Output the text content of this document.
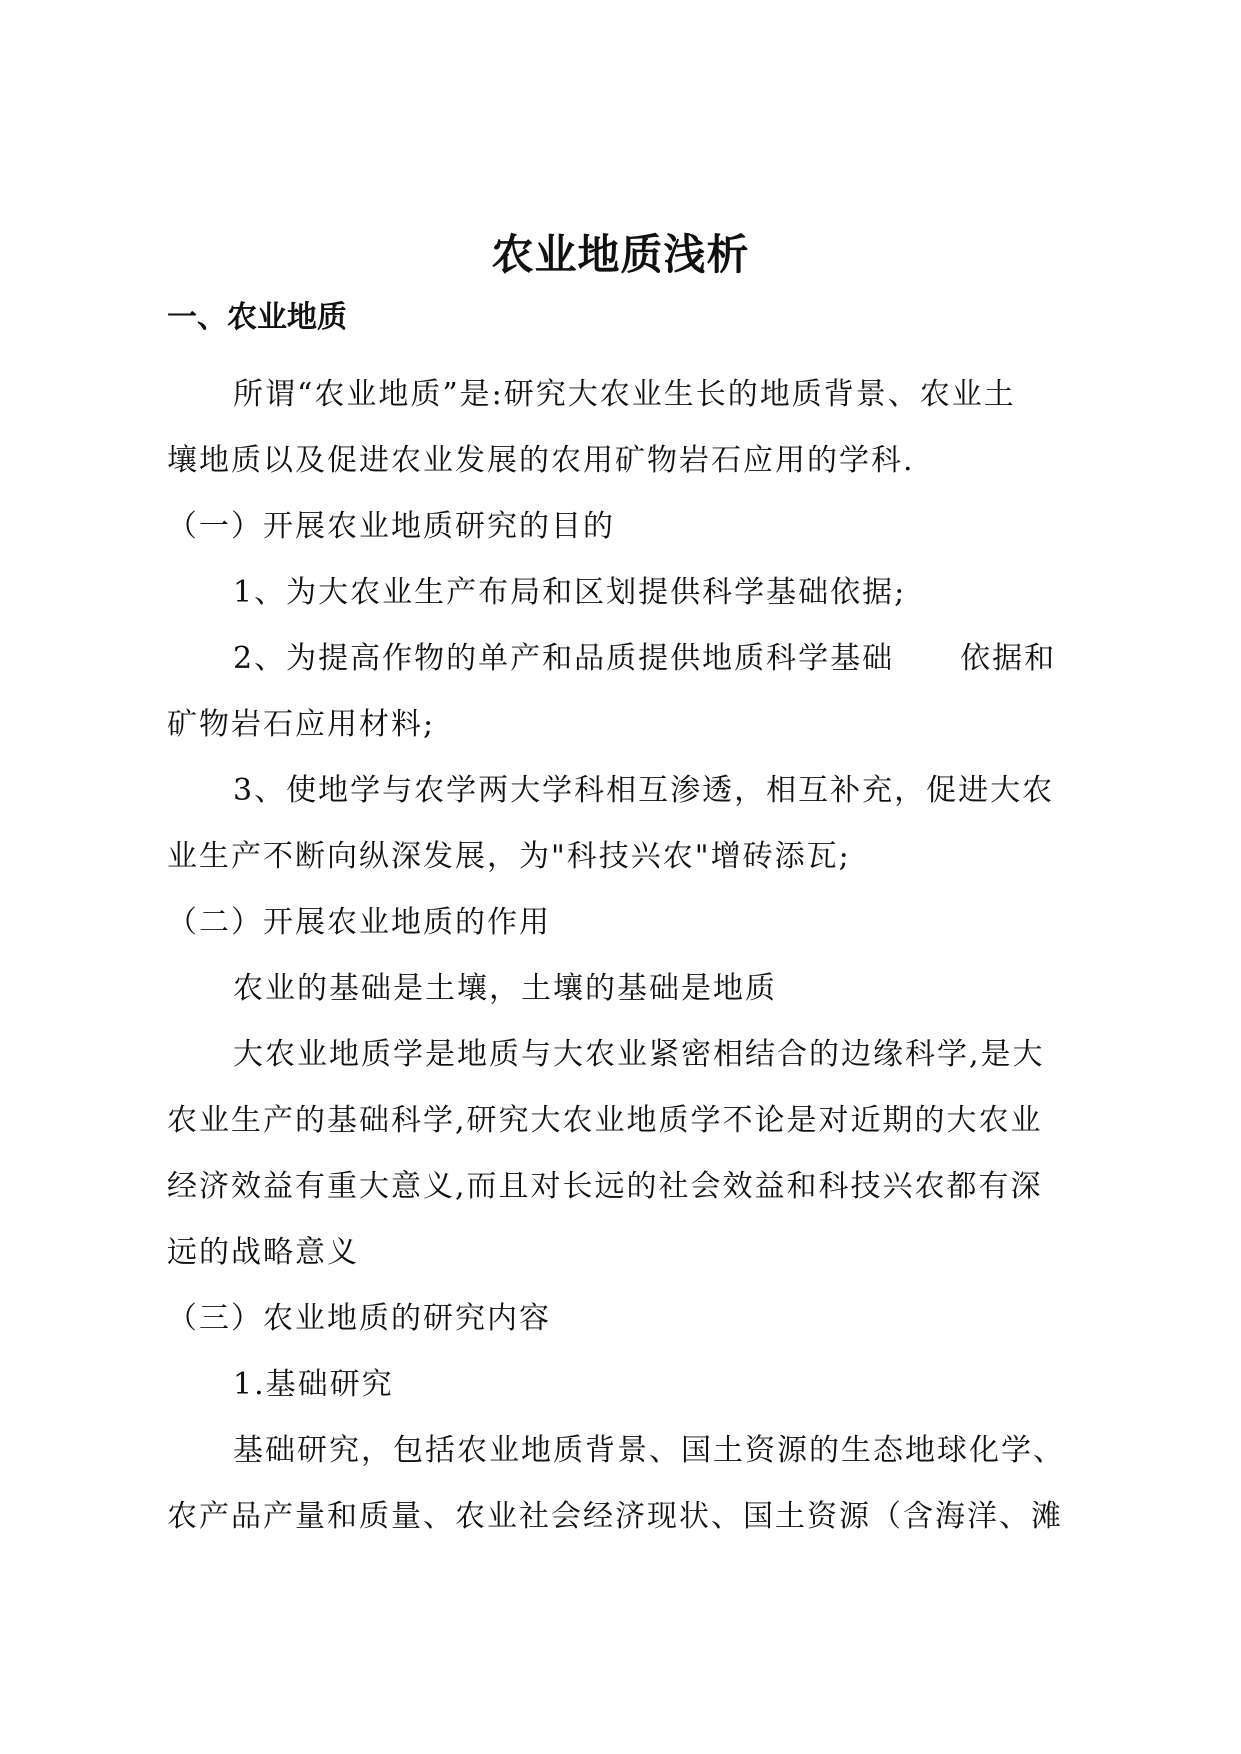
农业地质浅析
一、农业地质
所谓“农业地质”是:研究大农业生长的地质背景、农业土
壤地质以及促进农业发展的农用矿物岩石应用的学科.
（一）开展农业地质研究的目的
1、为大农业生产布局和区划提供科学基础依据;
2、为提高作物的单产和品质提供地质科学基础 依据和
矿物岩石应用材料;
3、使地学与农学两大学科相互渗透，相互补充，促进大农
业生产不断向纵深发展，为"科技兴农"增砖添瓦;
（二）开展农业地质的作用
农业的基础是土壤，土壤的基础是地质
大农业地质学是地质与大农业紧密相结合的边缘科学,是大
农业生产的基础科学,研究大农业地质学不论是对近期的大农业
经济效益有重大意义,而且对长远的社会效益和科技兴农都有深
远的战略意义
（三）农业地质的研究内容
1.基础研究
基础研究，包括农业地质背景、国土资源的生态地球化学、
农产品产量和质量、农业社会经济现状、国土资源（含海洋、滩
